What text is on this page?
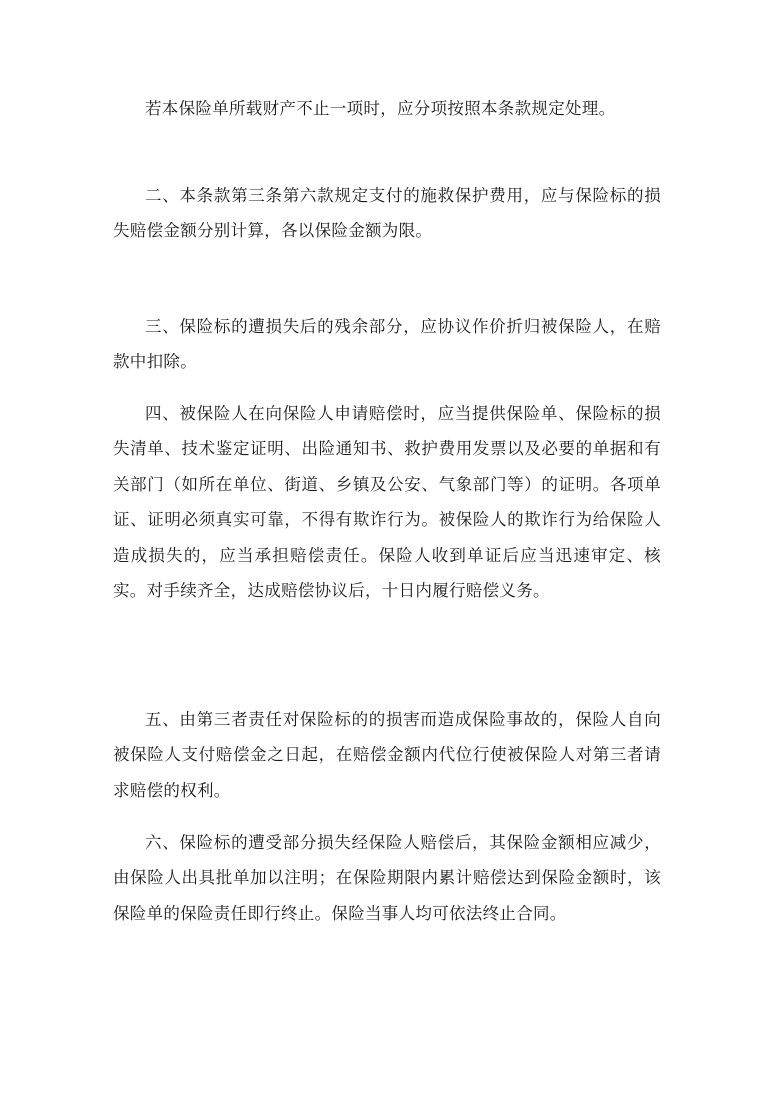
若本保险单所载财产不止一项时，应分项按照本条款规定处理。

二、本条款第三条第六款规定支付的施救保护费用，应与保险标的损失赔偿金额分别计算，各以保险金额为限。

三、保险标的遭损失后的残余部分，应协议作价折归被保险人，在赔款中扣除。

四、被保险人在向保险人申请赔偿时，应当提供保险单、保险标的损失清单、技术鉴定证明、出险通知书、救护费用发票以及必要的单据和有关部门（如所在单位、街道、乡镇及公安、气象部门等）的证明。各项单证、证明必须真实可靠，不得有欺诈行为。被保险人的欺诈行为给保险人造成损失的，应当承担赔偿责任。保险人收到单证后应当迅速审定、核实。对手续齐全，达成赔偿协议后，十日内履行赔偿义务。

五、由第三者责任对保险标的的损害而造成保险事故的，保险人自向被保险人支付赔偿金之日起，在赔偿金额内代位行使被保险人对第三者请求赔偿的权利。

六、保险标的遭受部分损失经保险人赔偿后，其保险金额相应减少，由保险人出具批单加以注明；在保险期限内累计赔偿达到保险金额时，该保险单的保险责任即行终止。保险当事人均可依法终止合同。
